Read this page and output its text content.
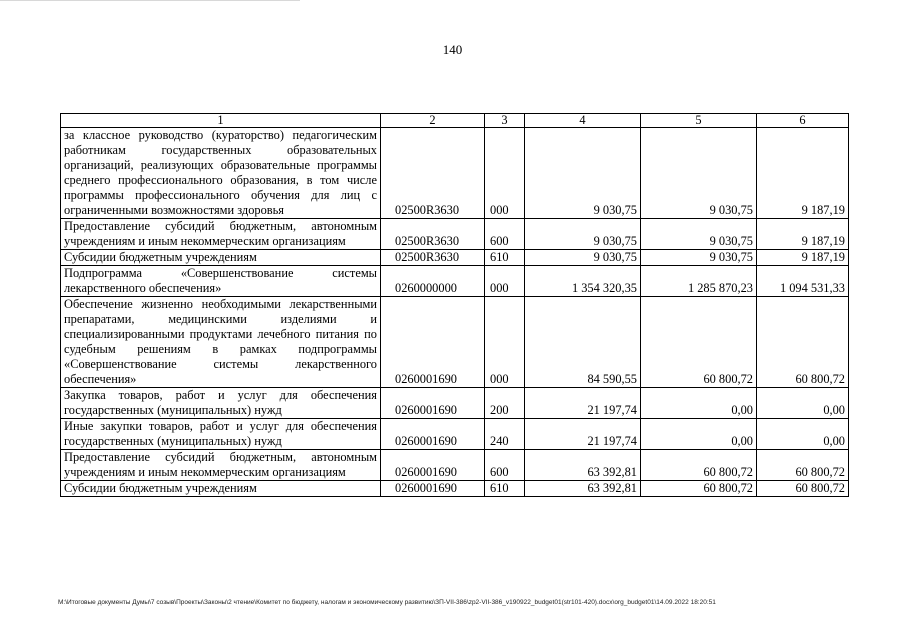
140
1	2	3	4	5	6
за классное руководство (кураторство) педагогическим работникам государственных образовательных организаций, реализующих образовательные программы среднего профессионального образования, в том числе программы профессионального обучения для лиц с ограниченными возможностями здоровья	02500R3630	000	9 030,75	9 030,75	9 187,19
Предоставление субсидий бюджетным, автономным учреждениям и иным некоммерческим организациям	02500R3630	600	9 030,75	9 030,75	9 187,19
Субсидии бюджетным учреждениям	02500R3630	610	9 030,75	9 030,75	9 187,19
Подпрограмма «Совершенствование системы лекарственного обеспечения»	0260000000	000	1 354 320,35	1 285 870,23	1 094 531,33
Обеспечение жизненно необходимыми лекарственными препаратами, медицинскими изделиями и специализированными продуктами лечебного питания по судебным решениям в рамках подпрограммы «Совершенствование системы лекарственного обеспечения»	0260001690	000	84 590,55	60 800,72	60 800,72
Закупка товаров, работ и услуг для обеспечения государственных (муниципальных) нужд	0260001690	200	21 197,74	0,00	0,00
Иные закупки товаров, работ и услуг для обеспечения государственных (муниципальных) нужд	0260001690	240	21 197,74	0,00	0,00
Предоставление субсидий бюджетным, автономным учреждениям и иным некоммерческим организациям	0260001690	600	63 392,81	60 800,72	60 800,72
Субсидии бюджетным учреждениям	0260001690	610	63 392,81	60 800,72	60 800,72
M:\Итоговые документы Думы\7 созыв\Проекты\Законы\2 чтение\Комитет по бюджету, налогам и экономическому развитию\ЗП-VII-386\zp2-VII-386_v190922_budget01(str101-420).docx\org_budget01\14.09.2022 18:20:51
